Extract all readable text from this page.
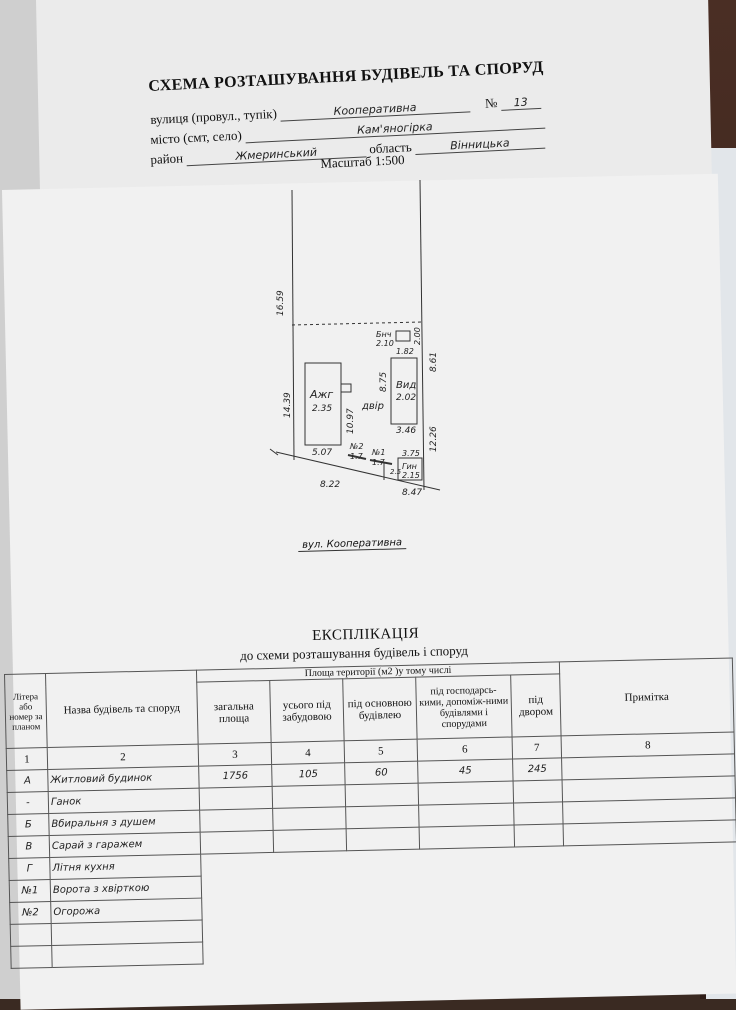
СХЕМА РОЗТАШУВАННЯ БУДІВЕЛЬ ТА СПОРУД
вулиця (провул., тупік)	Кооперативна	№ 13
місто (смт, село)	Кам'яногірка
район	Жмеринський	область	Вінницька
Масштаб 1:500
16.59
14.39
8.61
12.26
8.22
8.47
Ажг
2.35
5.07
10.97
двір
Бнч
2.10
1.82
2.00
Вид
2.02
8.75
3.46
Гин
2.15
3.75
№2
1.7 №1
1.7
2.5
вул. Кооперативна
ЕКСПЛІКАЦІЯ
до схеми розташування будівель і споруд
Літера або номер за планом	Назва будівель та споруд	Площа території (м2 )у тому числі					Примітка
		загальна площа	усього під забудовою	під основною будівлею	під господарсь-кими, допоміж-ними будівлями і спорудами	під двором	
1	2	3	4	5	6	7	8
А	Житловий будинок	1756	105	60	45	245	
-	Ганок						
Б	Вбиральня з душем						
В	Сарай з гаражем						
Г	Літня кухня						
№1	Ворота з хвірткою						
№2	Огорожа						
